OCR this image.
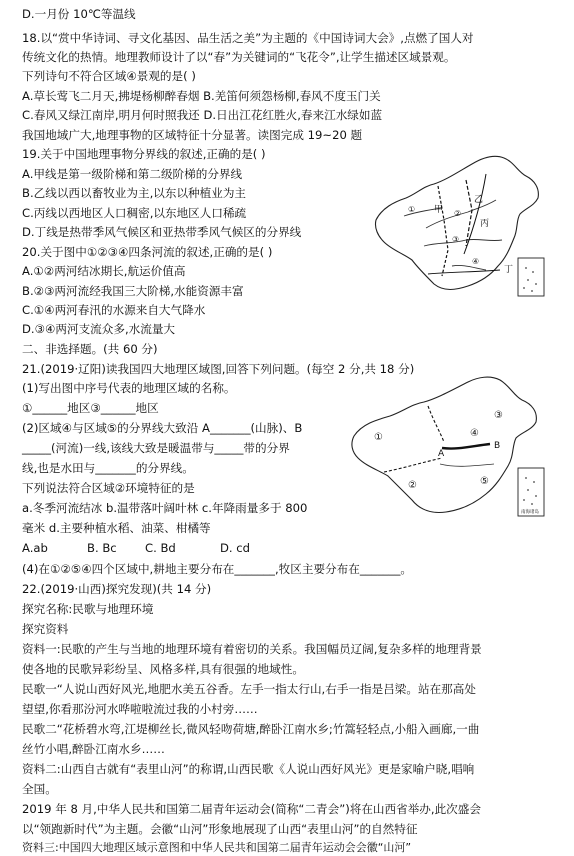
D.一月份 10℃等温线
18.以“赏中华诗词、寻文化基因、品生活之美”为主题的《中国诗词大会》,点燃了国人对
传统文化的热情。地理教师设计了以“春”为关键词的“飞花令”,让学生描述区域景观。
下列诗句不符合区域④景观的是( )
A.草长莺飞二月天,拂堤杨柳醉春烟 B.羌笛何须怨杨柳,春风不度玉门关
C.春风又绿江南岸,明月何时照我还 D.日出江花红胜火,春来江水绿如蓝
我国地域广大,地理事物的区域特征十分显著。读图完成 19~20 题
19.关于中国地理事物分界线的叙述,正确的是( )
A.甲线是第一级阶梯和第二级阶梯的分界线
B.乙线以西以畜牧业为主,以东以种植业为主
C.丙线以西地区人口稠密,以东地区人口稀疏
D.丁线是热带季风气候区和亚热带季风气候区的分界线
20.关于图中①②③④四条河流的叙述,正确的是( )
A.①②两河结冰期长,航运价值高
B.②③两河流经我国三大阶梯,水能资源丰富
C.①④两河春汛的水源来自大气降水
D.③④两河支流众多,水流量大
二、非选择题。(共 60 分)
21.(2019·辽阳)读我国四大地理区域图,回答下列问题。(每空 2 分,共 18 分)
(1)写出图中序号代表的地理区域的名称。
①______地区③______地区
(2)区域④与区域⑤的分界线大致沿 A_______(山脉)、B
_____(河流)一线,该线大致是暖温带与_____带的分界
线,也是水田与_______的分界线。
下列说法符合区域②环境特征的是
a.冬季河流结冰 b.温带落叶阔叶林 c.年降雨量多于 800
毫米 d.主要种植水稻、油菜、柑橘等
A.ab	B. Bc C. Bd	D. cd
(4)在①②⑤④四个区域中,耕地主要分布在_______,牧区主要分布在_______。
22.(2019·山西)探究发现)(共 14 分)
探究名称:民歌与地理环境
探究资料
资料一:民歌的产生与当地的地理环境有着密切的关系。我国幅员辽阔,复杂多样的地理背景
使各地的民歌异彩纷呈、风格多样,具有很强的地域性。
民歌一“人说山西好风光,地肥水美五谷香。左手一指太行山,右手一指是吕梁。站在那高处
望望,你看那汾河水哗啦啦流过我的小村旁……
民歌二“花桥碧水弯,江堤柳丝长,微风轻吻荷塘,醉卧江南水乡;竹篙轻轻点,小船入画廊,一曲
丝竹小唱,醉卧江南水乡……
资料二:山西自古就有“表里山河”的称谓,山西民歌《人说山西好风光》更是家喻户晓,唱响
全国。
2019 年 8 月,中华人民共和国第二届青年运动会(简称“二青会”)将在山西省举办,此次盛会
以“领跑新时代”为主题。会徽“山河”形象地展现了山西“表里山河”的自然特征
资料三:中国四大地理区域示意图和中华人民共和国第二届青年运动会会徽“山河”
甲
乙
丙
丁
①	②
③
④
①
③
④
⑤
②
A
B
南海诸岛
